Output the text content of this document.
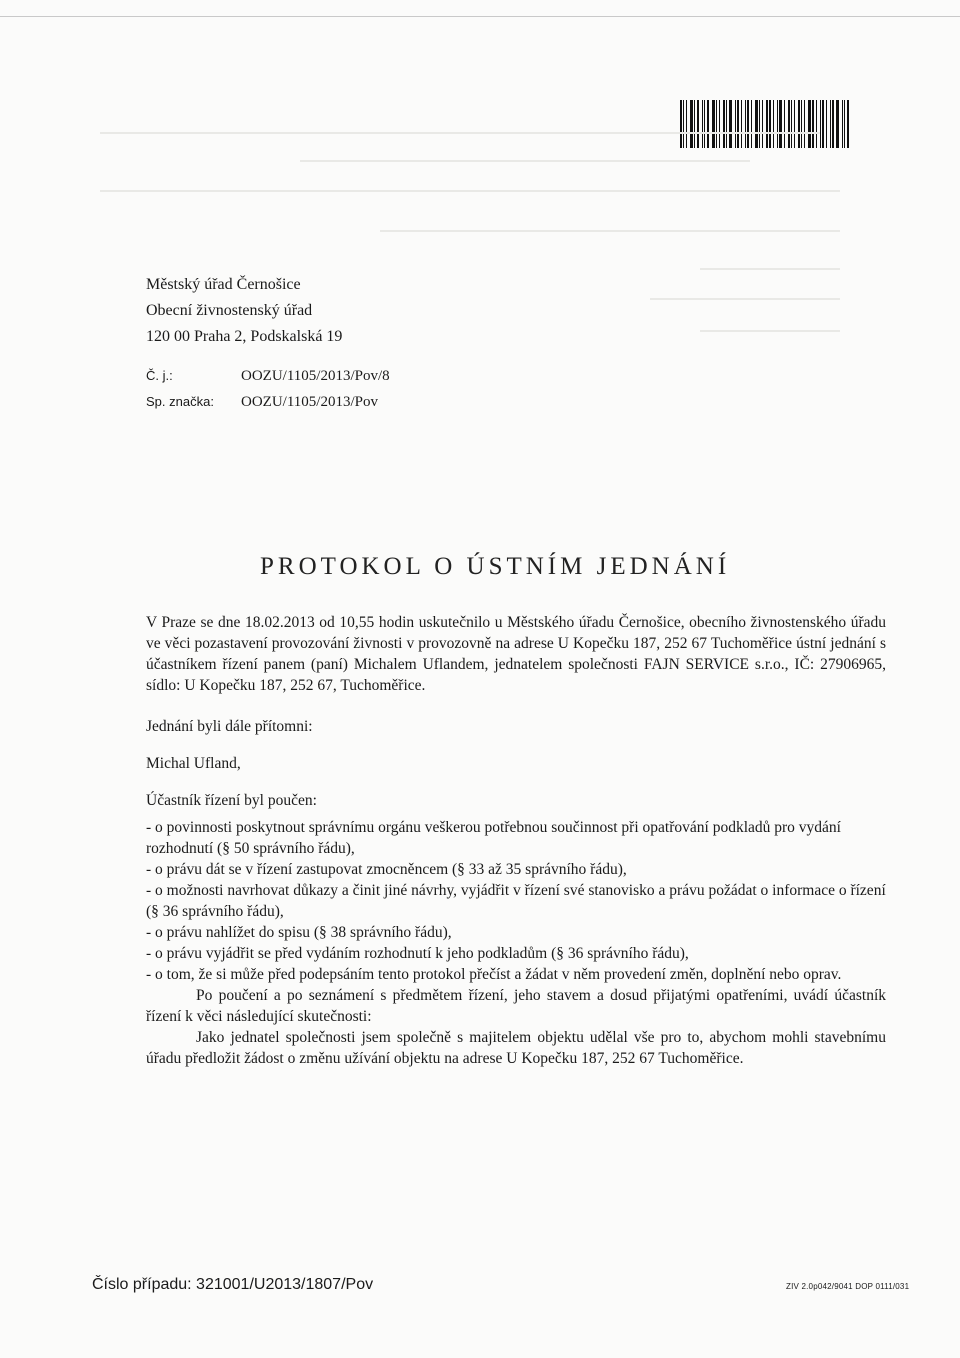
Městský úřad Černošice
Obecní živnostenský úřad
120 00 Praha 2, Podskalská 19
Č. j.:	OOZU/1105/2013/Pov/8
Sp. značka: OOZU/1105/2013/Pov
PROTOKOL O ÚSTNÍM JEDNÁNÍ

V Praze se dne 18.02.2013 od 10,55 hodin uskutečnilo u Městského úřadu Černošice, obecního živnostenského úřadu ve věci pozastavení provozování živnosti v provozovně na adrese U Kopečku 187, 252 67 Tuchoměřice ústní jednání s účastníkem řízení panem (paní) Michalem Uflandem, jednatelem společnosti FAJN SERVICE s.r.o., IČ: 27906965, sídlo: U Kopečku 187, 252 67, Tuchoměřice.

Jednání byli dále přítomni:

Michal Ufland,

Účastník řízení byl poučen:

- o povinnosti poskytnout správnímu orgánu veškerou potřebnou součinnost při opatřování podkladů pro vydání rozhodnutí (§ 50 správního řádu),

- o právu dát se v řízení zastupovat zmocněncem (§ 33 až 35 správního řádu),

- o možnosti navrhovat důkazy a činit jiné návrhy, vyjádřit v řízení své stanovisko a právu požádat o informace o řízení (§ 36 správního řádu),

- o právu nahlížet do spisu (§ 38 správního řádu),

- o právu vyjádřit se před vydáním rozhodnutí k jeho podkladům (§ 36 správního řádu),

- o tom, že si může před podepsáním tento protokol přečíst a žádat v něm provedení změn, doplnění nebo oprav.

Po poučení a po seznámení s předmětem řízení, jeho stavem a dosud přijatými opatřeními, uvádí účastník řízení k věci následující skutečnosti:

Jako jednatel společnosti jsem společně s majitelem objektu udělal vše pro to, abychom mohli stavebnímu úřadu předložit žádost o změnu užívání objektu na adrese U Kopečku 187, 252 67 Tuchoměřice.

Číslo případu: 321001/U2013/1807/Pov	ZIV 2.0p042/9041 DOP 0111/031
